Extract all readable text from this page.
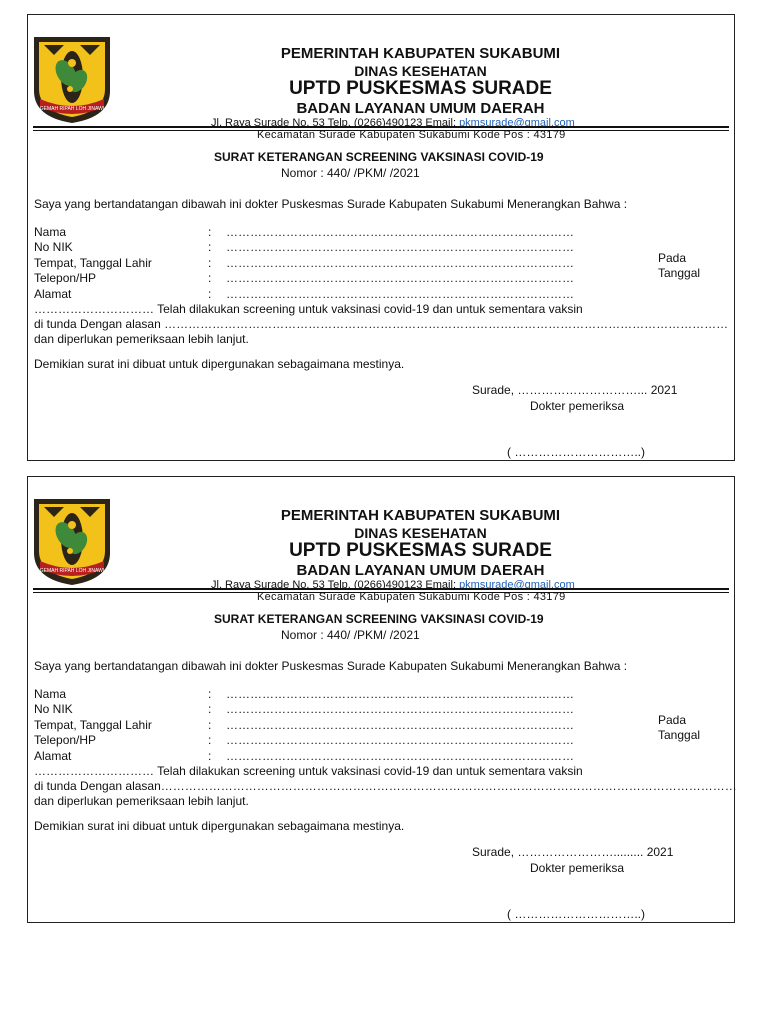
GEMAH RIPAH LOH JINAWI
PEMERINTAH KABUPATEN SUKABUMI
DINAS KESEHATAN
UPTD PUSKESMAS SURADE
BADAN LAYANAN UMUM DAERAH
Jl. Raya Surade No. 53 Telp. (0266)490123 Email: pkmsurade@gmail.com
Kecamatan Surade Kabupaten Sukabumi Kode Pos : 43179
SURAT KETERANGAN SCREENING VAKSINASI COVID-19
Nomor : 440/ /PKM/ /2021
Saya yang bertandatangan dibawah ini dokter Puskesmas Surade Kabupaten Sukabumi Menerangkan Bahwa :
Nama	: ……………………………………………………………………………
No NIK	: ……………………………………………………………………………
Tempat, Tanggal Lahir	: ……………………………………………………………………………
Telepon/HP	: ……………………………………………………………………………
Alamat	: ……………………………………………………………………………
Pada
Tanggal
………………………… Telah dilakukan screening untuk vaksinasi covid-19 dan untuk sementara vaksin
di tunda Dengan alasan ……………………………………………………………………………………………………………………………
dan diperlukan pemeriksaan lebih lanjut.
Demikian surat ini dibuat untuk dipergunakan sebagaimana mestinya.
Surade, …………………………... 2021
Dokter pemeriksa
( …………………………..)
GEMAH RIPAH LOH JINAWI
PEMERINTAH KABUPATEN SUKABUMI
DINAS KESEHATAN
UPTD PUSKESMAS SURADE
BADAN LAYANAN UMUM DAERAH
Jl. Raya Surade No. 53 Telp. (0266)490123 Email: pkmsurade@gmail.com
Kecamatan Surade Kabupaten Sukabumi Kode Pos : 43179
SURAT KETERANGAN SCREENING VAKSINASI COVID-19
Nomor : 440/ /PKM/ /2021
Saya yang bertandatangan dibawah ini dokter Puskesmas Surade Kabupaten Sukabumi Menerangkan Bahwa :
Nama	: ……………………………………………………………………………
No NIK	: ……………………………………………………………………………
Tempat, Tanggal Lahir	: ……………………………………………………………………………
Telepon/HP	: ……………………………………………………………………………
Alamat	: ……………………………………………………………………………
Pada
Tanggal
………………………… Telah dilakukan screening untuk vaksinasi covid-19 dan untuk sementara vaksin
di tunda Dengan alasan………………………………………………………………………………………………………………………………
dan diperlukan pemeriksaan lebih lanjut.
Demikian surat ini dibuat untuk dipergunakan sebagaimana mestinya.
Surade, ……………………......... 2021
Dokter pemeriksa
( …………………………..)
